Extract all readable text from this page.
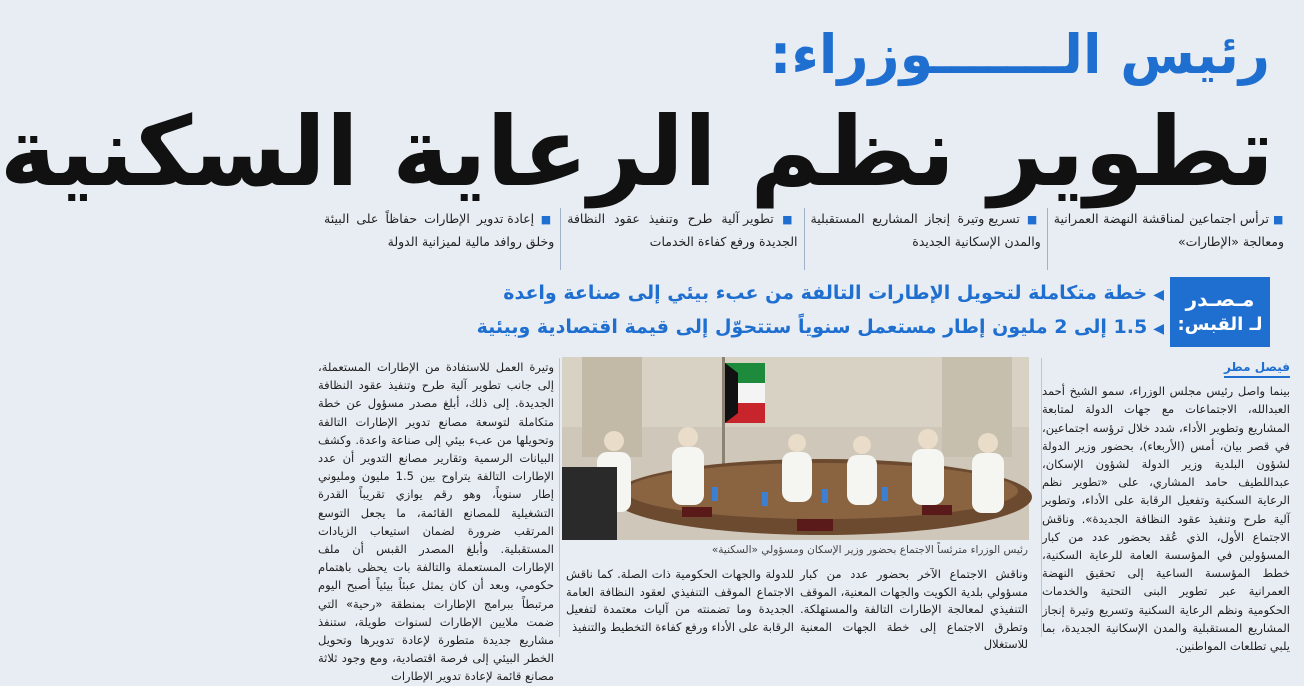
رئيس الـــــــوزراء:
تطوير نظم الرعاية السكنية
■ ترأس اجتماعين لمناقشة النهضة العمرانية ومعالجة «الإطارات»
■ تسريع وتيرة إنجاز المشاريع المستقبلية والمدن الإسكانية الجديدة
■ تطوير آلية طرح وتنفيذ عقود النظافة الجديدة ورفع كفاءة الخدمات
■ إعادة تدوير الإطارات حفاظاً على البيئة وخلق روافد مالية لميزانية الدولة
مـصـدر
لـ القبس:
◀خطة متكاملة لتحويل الإطارات التالفة من عبء بيئي إلى صناعة واعدة
◀1.5 إلى 2 مليون إطار مستعمل سنوياً ستتحوّل إلى قيمة اقتصادية وبيئية
فيصل مطر
بينما واصل رئيس مجلس الوزراء، سمو الشيخ أحمد العبدالله، الاجتماعات مع جهات الدولة لمتابعة المشاريع وتطوير الأداء، شدد خلال ترؤسه اجتماعين، في قصر بيان، أمس (الأربعاء)، بحضور وزير الدولة لشؤون البلدية وزير الدولة لشؤون الإسكان، عبداللطيف حامد المشاري، على «تطوير نظم الرعاية السكنية وتفعيل الرقابة على الأداء، وتطوير آلية طرح وتنفيذ عقود النظافة الجديدة». وناقش الاجتماع الأول، الذي عُقد بحضور عدد من كبار المسؤولين في المؤسسة العامة للرعاية السكنية، خطط المؤسسة الساعية إلى تحقيق النهضة العمرانية عبر تطوير البنى التحتية والخدمات الحكومية ونظم الرعاية السكنية وتسريع وتيرة إنجاز المشاريع المستقبلية والمدن الإسكانية الجديدة، بما يلبي تطلعات المواطنين.
وتيرة العمل للاستفادة من الإطارات المستعملة، إلى جانب تطوير آلية طرح وتنفيذ عقود النظافة الجديدة. إلى ذلك، أبلغ مصدر مسؤول عن خطة متكاملة لتوسعة مصانع تدوير الإطارات التالفة وتحويلها من عبء بيئي إلى صناعة واعدة. وكشف البيانات الرسمية وتقارير مصانع التدوير أن عدد الإطارات التالفة يتراوح بين 1.5 مليون ومليوني إطار سنوياً، وهو رقم يوازي تقريباً القدرة التشغيلية للمصانع القائمة، ما يجعل التوسع المرتقب ضرورة لضمان استيعاب الزيادات المستقبلية. وأبلغ المصدر القبس أن ملف الإطارات المستعملة والتالفة بات يحظى باهتمام حكومي، وبعد أن كان يمثل عبئاً بيئياً أصبح اليوم مرتبطاً ببرامج الإطارات بمنطقة «رحية» التي ضمت ملايين الإطارات لسنوات طويلة، ستنفذ مشاريع جديدة متطورة لإعادة تدويرها وتحويل الخطر البيئي إلى فرصة اقتصادية، ومع وجود ثلاثة مصانع قائمة لإعادة تدوير الإطارات
رئيس الوزراء مترئساً الاجتماع بحضور وزير الإسكان ومسؤولي «السكنية»
وناقش الاجتماع الآخر بحضور عدد من كبار مسؤولي بلدية الكويت والجهات المعنية، الموقف التنفيذي لمعالجة الإطارات التالفة والمستهلكة. وتطرق الاجتماع إلى خطة الجهات المعنية للاستغلال
للدولة والجهات الحكومية ذات الصلة. كما ناقش الاجتماع الموقف التنفيذي لعقود النظافة العامة الجديدة وما تضمنته من آليات معتمدة لتفعيل الرقابة على الأداء ورفع كفاءة التخطيط والتنفيذ
